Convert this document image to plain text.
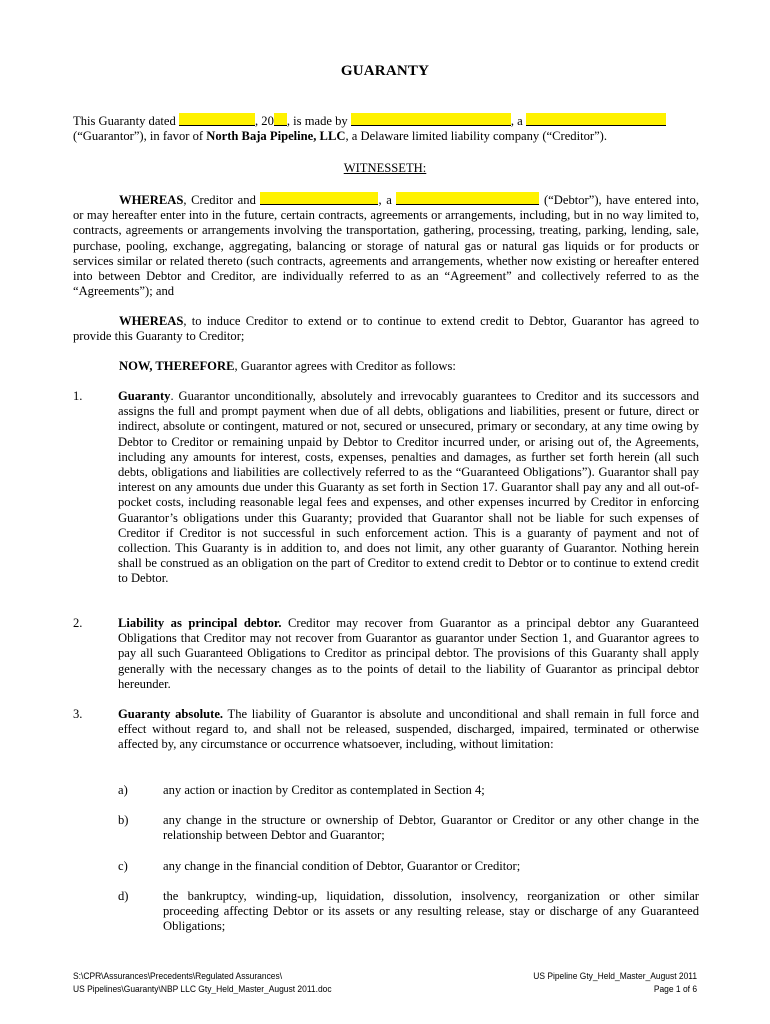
GUARANTY

This Guaranty dated	, 20 , is made by	, a
(“Guarantor”), in favor of North Baja Pipeline, LLC, a Delaware limited liability company (“Creditor”).

WITNESSETH:

WHEREAS, Creditor and	, a	(“Debtor”), have entered into, or may hereafter enter into in the future, certain contracts, agreements or arrangements, including, but in no way limited to, contracts, agreements or arrangements involving the transportation, gathering, processing, treating, parking, lending, sale, purchase, pooling, exchange, aggregating, balancing or storage of natural gas or natural gas liquids or for products or services similar or related thereto (such contracts, agreements and arrangements, whether now existing or hereafter entered into between Debtor and Creditor, are individually referred to as an “Agreement” and collectively referred to as the “Agreements”); and

WHEREAS, to induce Creditor to extend or to continue to extend credit to Debtor, Guarantor has agreed to provide this Guaranty to Creditor;

NOW, THEREFORE, Guarantor agrees with Creditor as follows:

1.	Guaranty. Guarantor unconditionally, absolutely and irrevocably guarantees to Creditor and its successors and assigns the full and prompt payment when due of all debts, obligations and liabilities, present or future, direct or indirect, absolute or contingent, matured or not, secured or unsecured, primary or secondary, at any time owing by Debtor to Creditor or remaining unpaid by Debtor to Creditor incurred under, or arising out of, the Agreements, including any amounts for interest, costs, expenses, penalties and damages, as further set forth herein (all such debts, obligations and liabilities are collectively referred to as the “Guaranteed Obligations”). Guarantor shall pay interest on any amounts due under this Guaranty as set forth in Section 17. Guarantor shall pay any and all out-of-pocket costs, including reasonable legal fees and expenses, and other expenses incurred by Creditor in enforcing Guarantor’s obligations under this Guaranty; provided that Guarantor shall not be liable for such expenses of Creditor if Creditor is not successful in such enforcement action. This is a guaranty of payment and not of collection. This Guaranty is in addition to, and does not limit, any other guaranty of Guarantor. Nothing herein shall be construed as an obligation on the part of Creditor to extend credit to Debtor or to continue to extend credit to Debtor.

2.	Liability as principal debtor. Creditor may recover from Guarantor as a principal debtor any Guaranteed Obligations that Creditor may not recover from Guarantor as guarantor under Section 1, and Guarantor agrees to pay all such Guaranteed Obligations to Creditor as principal debtor. The provisions of this Guaranty shall apply generally with the necessary changes as to the points of detail to the liability of Guarantor as principal debtor hereunder.

3.	Guaranty absolute. The liability of Guarantor is absolute and unconditional and shall remain in full force and effect without regard to, and shall not be released, suspended, discharged, impaired, terminated or otherwise affected by, any circumstance or occurrence whatsoever, including, without limitation:

a)	any action or inaction by Creditor as contemplated in Section 4;

b)	any change in the structure or ownership of Debtor, Guarantor or Creditor or any other change in the relationship between Debtor and Guarantor;

c)	any change in the financial condition of Debtor, Guarantor or Creditor;

d)	the bankruptcy, winding-up, liquidation, dissolution, insolvency, reorganization or other similar proceeding affecting Debtor or its assets or any resulting release, stay or discharge of any Guaranteed Obligations;

S:\CPR\Assurances\Precedents\Regulated Assurances\
US Pipelines\Guaranty\NBP LLC Gty_Held_Master_August 2011.doc
US Pipeline Gty_Held_Master_August 2011
Page 1 of 6
